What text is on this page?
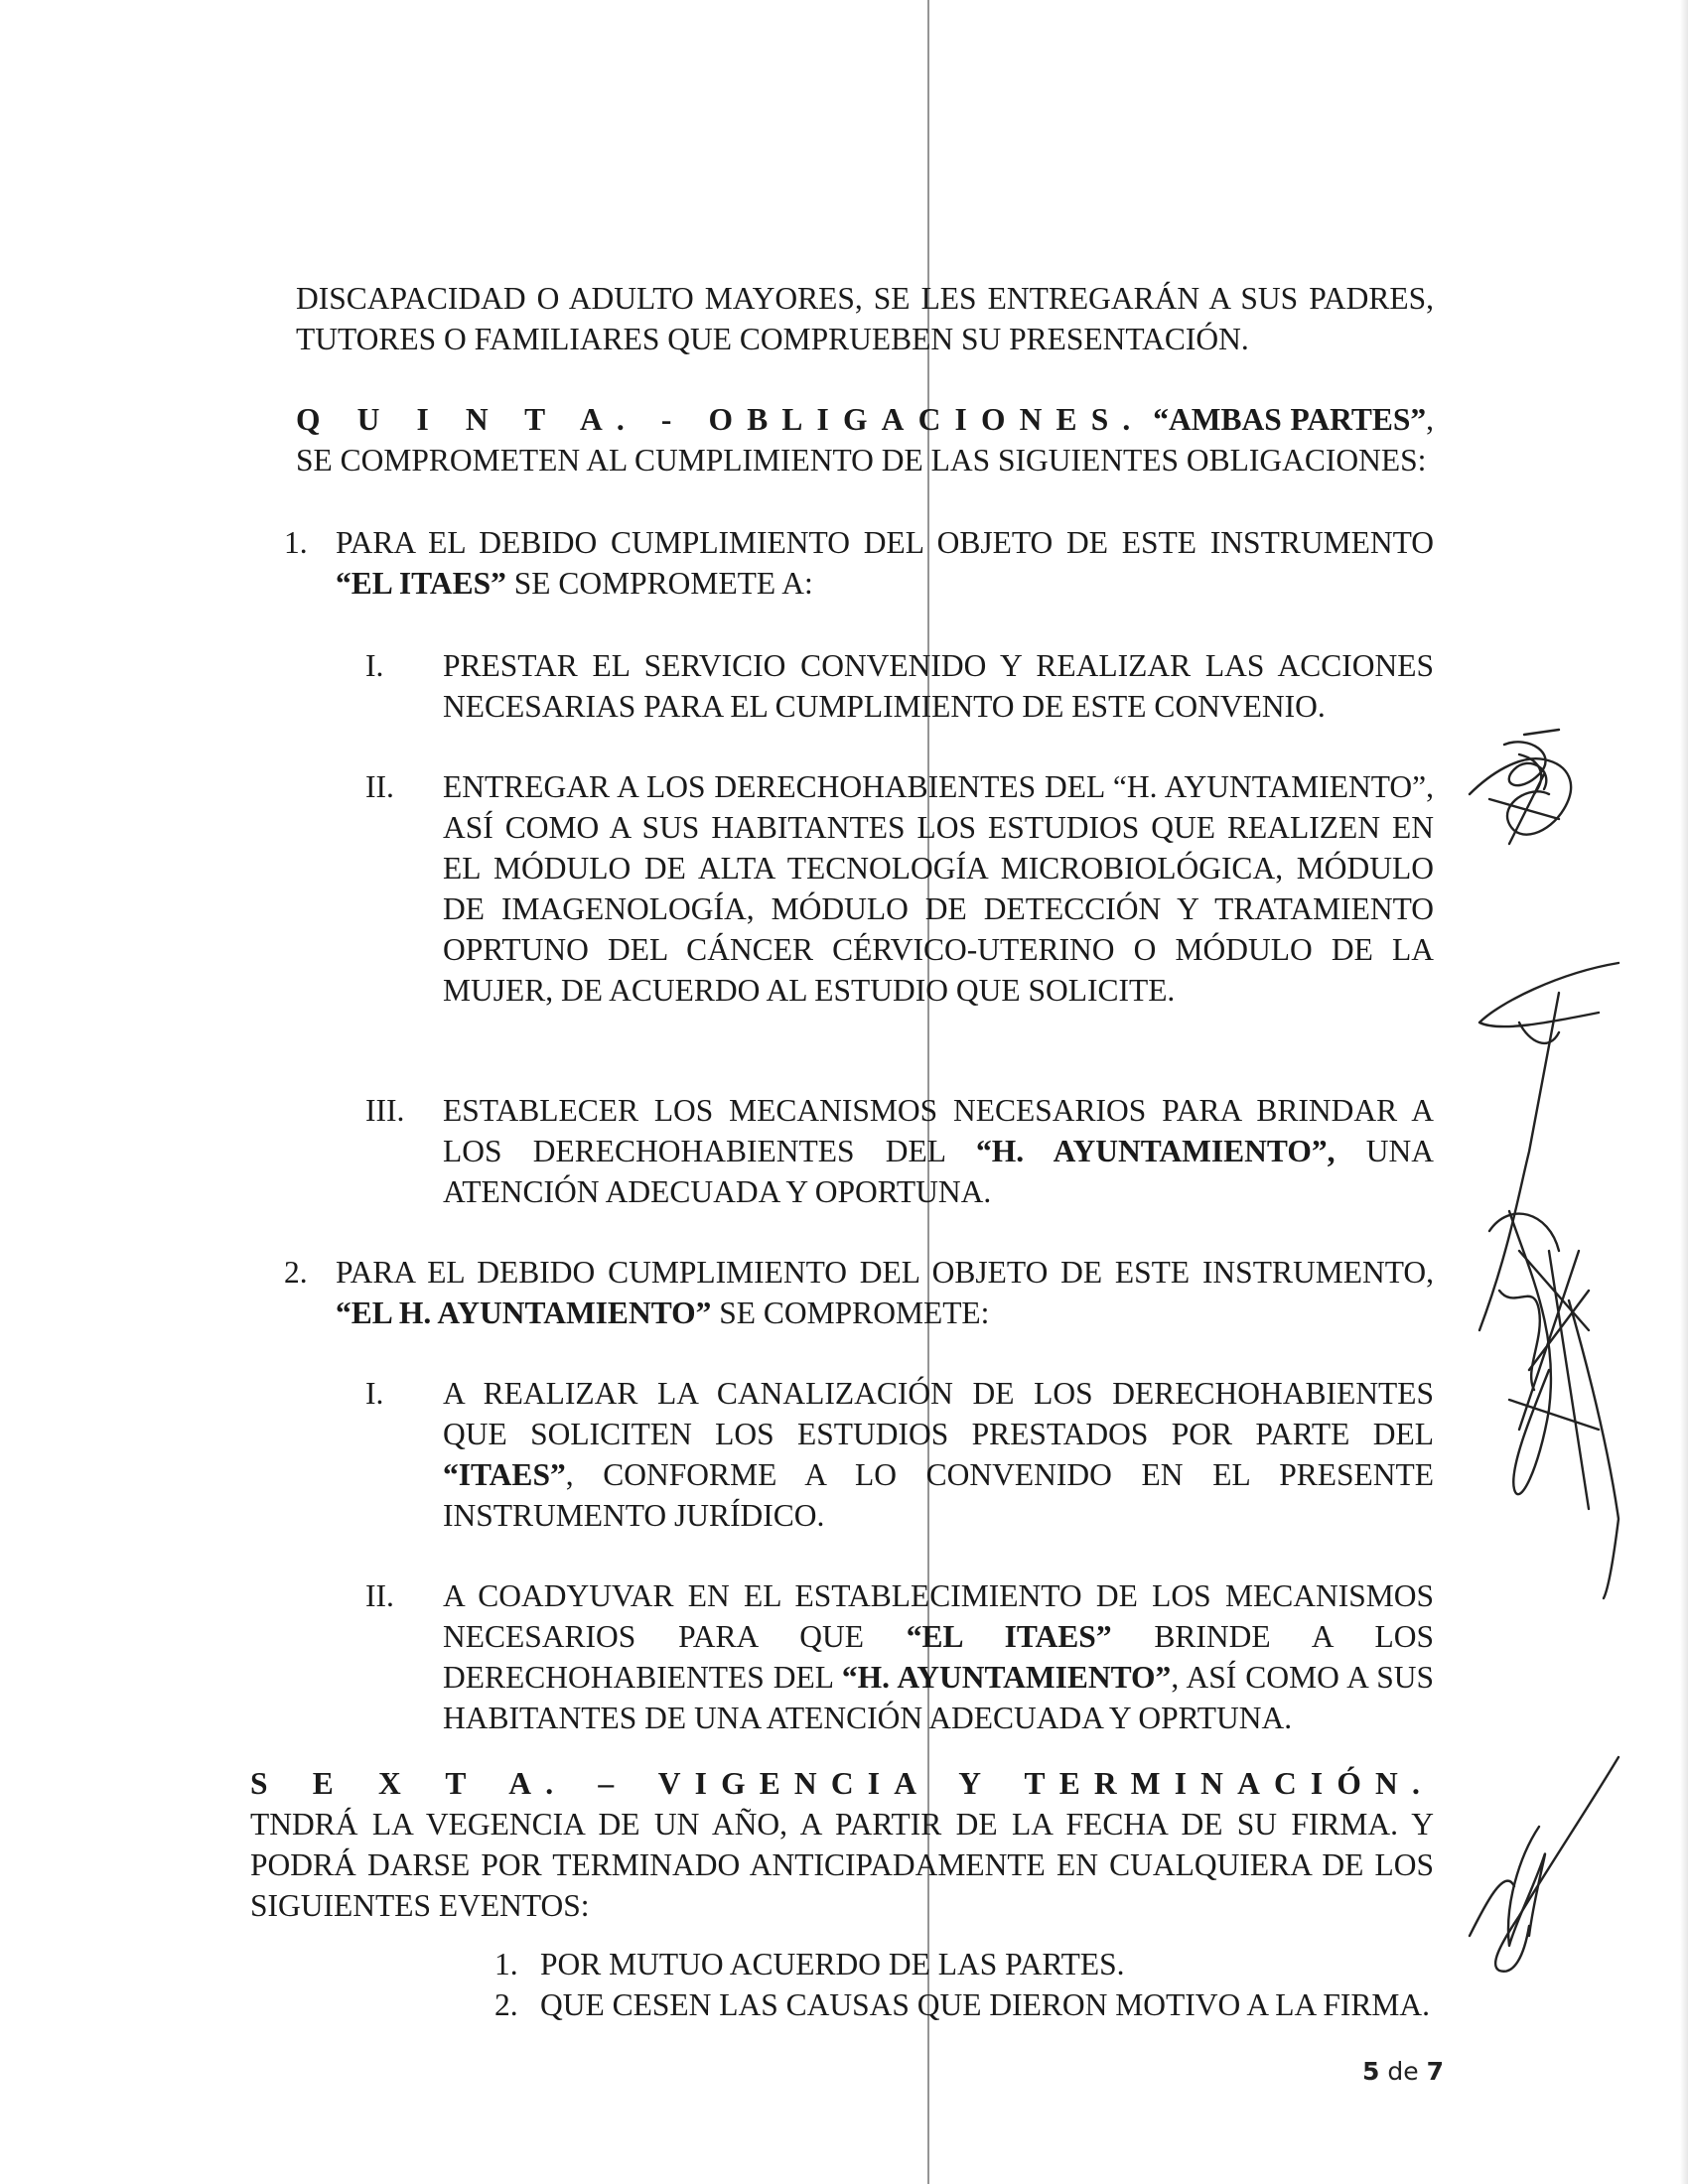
DISCAPACIDAD O ADULTO MAYORES, SE LES ENTREGARÁN A SUS PADRES,

TUTORES O FAMILIARES QUE COMPRUEBEN SU PRESENTACIÓN.

Q U I N T A. - OBLIGACIONES. “AMBAS PARTES”, SE COMPROMETEN AL CUMPLIMIENTO DE LAS SIGUIENTES OBLIGACIONES:

1. PARA EL DEBIDO CUMPLIMIENTO DEL OBJETO DE ESTE INSTRUMENTO “EL ITAES” SE COMPROMETE A:

I. PRESTAR EL SERVICIO CONVENIDO Y REALIZAR LAS ACCIONES NECESARIAS PARA EL CUMPLIMIENTO DE ESTE CONVENIO.

II. ENTREGAR A LOS DERECHOHABIENTES DEL “H. AYUNTAMIENTO”, ASÍ COMO A SUS HABITANTES LOS ESTUDIOS QUE REALIZEN EN EL MÓDULO DE ALTA TECNOLOGÍA MICROBIOLÓGICA, MÓDULO DE IMAGENOLOGÍA, MÓDULO DE DETECCIÓN Y TRATAMIENTO OPRTUNO DEL CÁNCER CÉRVICO-UTERINO O MÓDULO DE LA MUJER, DE ACUERDO AL ESTUDIO QUE SOLICITE.

III. ESTABLECER LOS MECANISMOS NECESARIOS PARA BRINDAR A LOS DERECHOHABIENTES DEL “H. AYUNTAMIENTO”, UNA ATENCIÓN ADECUADA Y OPORTUNA.

2. PARA EL DEBIDO CUMPLIMIENTO DEL OBJETO DE ESTE INSTRUMENTO, “EL H. AYUNTAMIENTO” SE COMPROMETE:

I. A REALIZAR LA CANALIZACIÓN DE LOS DERECHOHABIENTES QUE SOLICITEN LOS ESTUDIOS PRESTADOS POR PARTE DEL “ITAES”, CONFORME A LO CONVENIDO EN EL PRESENTE INSTRUMENTO JURÍDICO.

II. A COADYUVAR EN EL ESTABLECIMIENTO DE LOS MECANISMOS NECESARIOS PARA QUE “EL ITAES” BRINDE A LOS DERECHOHABIENTES DEL “H. AYUNTAMIENTO”, ASÍ COMO A SUS HABITANTES DE UNA ATENCIÓN ADECUADA Y OPRTUNA.

S E X T A. – VIGENCIA Y TERMINACIÓN. TNDRÁ LA VEGENCIA DE UN AÑO, A PARTIR DE LA FECHA DE SU FIRMA. Y PODRÁ DARSE POR TERMINADO ANTICIPADAMENTE EN CUALQUIERA DE LOS SIGUIENTES EVENTOS:

1. POR MUTUO ACUERDO DE LAS PARTES.
2. QUE CESEN LAS CAUSAS QUE DIERON MOTIVO A LA FIRMA.
5 de 7
